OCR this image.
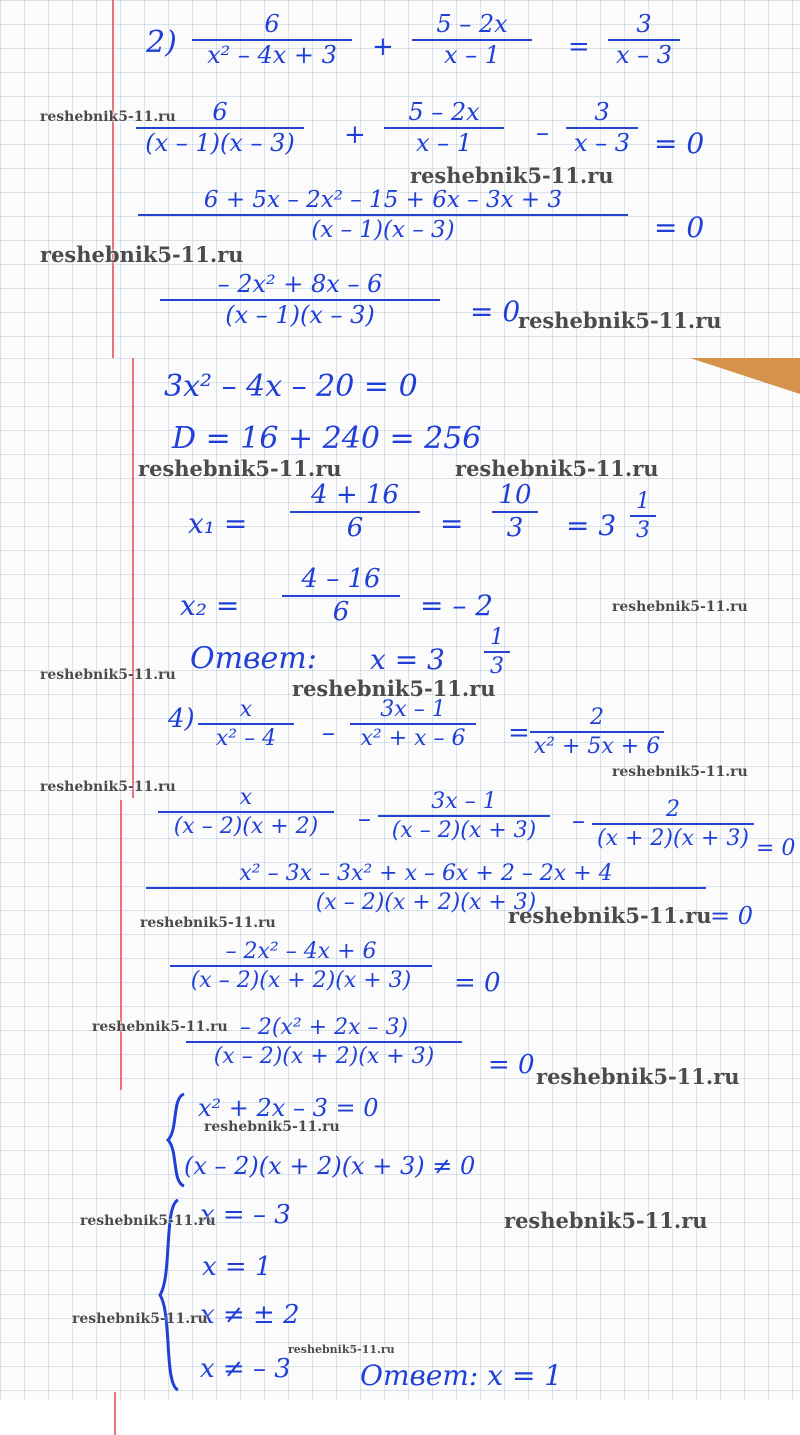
2)
6
x² – 4x + 3 +
5 – 2x
x – 1	=
3
x – 3
6
(x – 1)(x – 3) +
5 – 2x
x – 1 –
3
x – 3 = 0
6 + 5x – 2x² – 15 + 6x – 3x + 3
(x – 1)(x – 3)	= 0
– 2x² + 8x – 6
(x – 1)(x – 3)	= 0
3x² – 4x – 20 = 0
D = 16 + 240 = 256
x₁ =
4 + 16
6	=
10
3 = 3
1
3
x₂ =
4 – 16
6	= – 2
Ответ: x = 3
1
3
4) x
x² – 4 –
3x – 1
x² + x – 6 =
2
x² + 5x + 6
x
(x – 2)(x + 2) –
3x – 1
(x – 2)(x + 3) –	2
(x + 2)(x + 3) = 0
x² – 3x – 3x² + x – 6x + 2 – 2x + 4
(x – 2)(x + 2)(x + 3)	= 0
– 2x² – 4x + 6
(x – 2)(x + 2)(x + 3) = 0
– 2(x² + 2x – 3)
(x – 2)(x + 2)(x + 3) = 0
x² + 2x – 3 = 0
(x – 2)(x + 2)(x + 3) ≠ 0
x = – 3
x = 1
x ≠ ± 2
x ≠ – 3 Ответ: x = 1
reshebnik5-11.ru
reshebnik5-11.ru
reshebnik5-11.ru
reshebnik5-11.ru
reshebnik5-11.ru	reshebnik5-11.ru
reshebnik5-11.ru
reshebnik5-11.ru
reshebnik5-11.ru
reshebnik5-11.ru
reshebnik5-11.ru
reshebnik5-11.ru
reshebnik5-11.ru
reshebnik5-11.ru
reshebnik5-11.ru
reshebnik5-11.ru
reshebnik5-11.ru	reshebnik5-11.ru
reshebnik5-11.ru
reshebnik5-11.ru
